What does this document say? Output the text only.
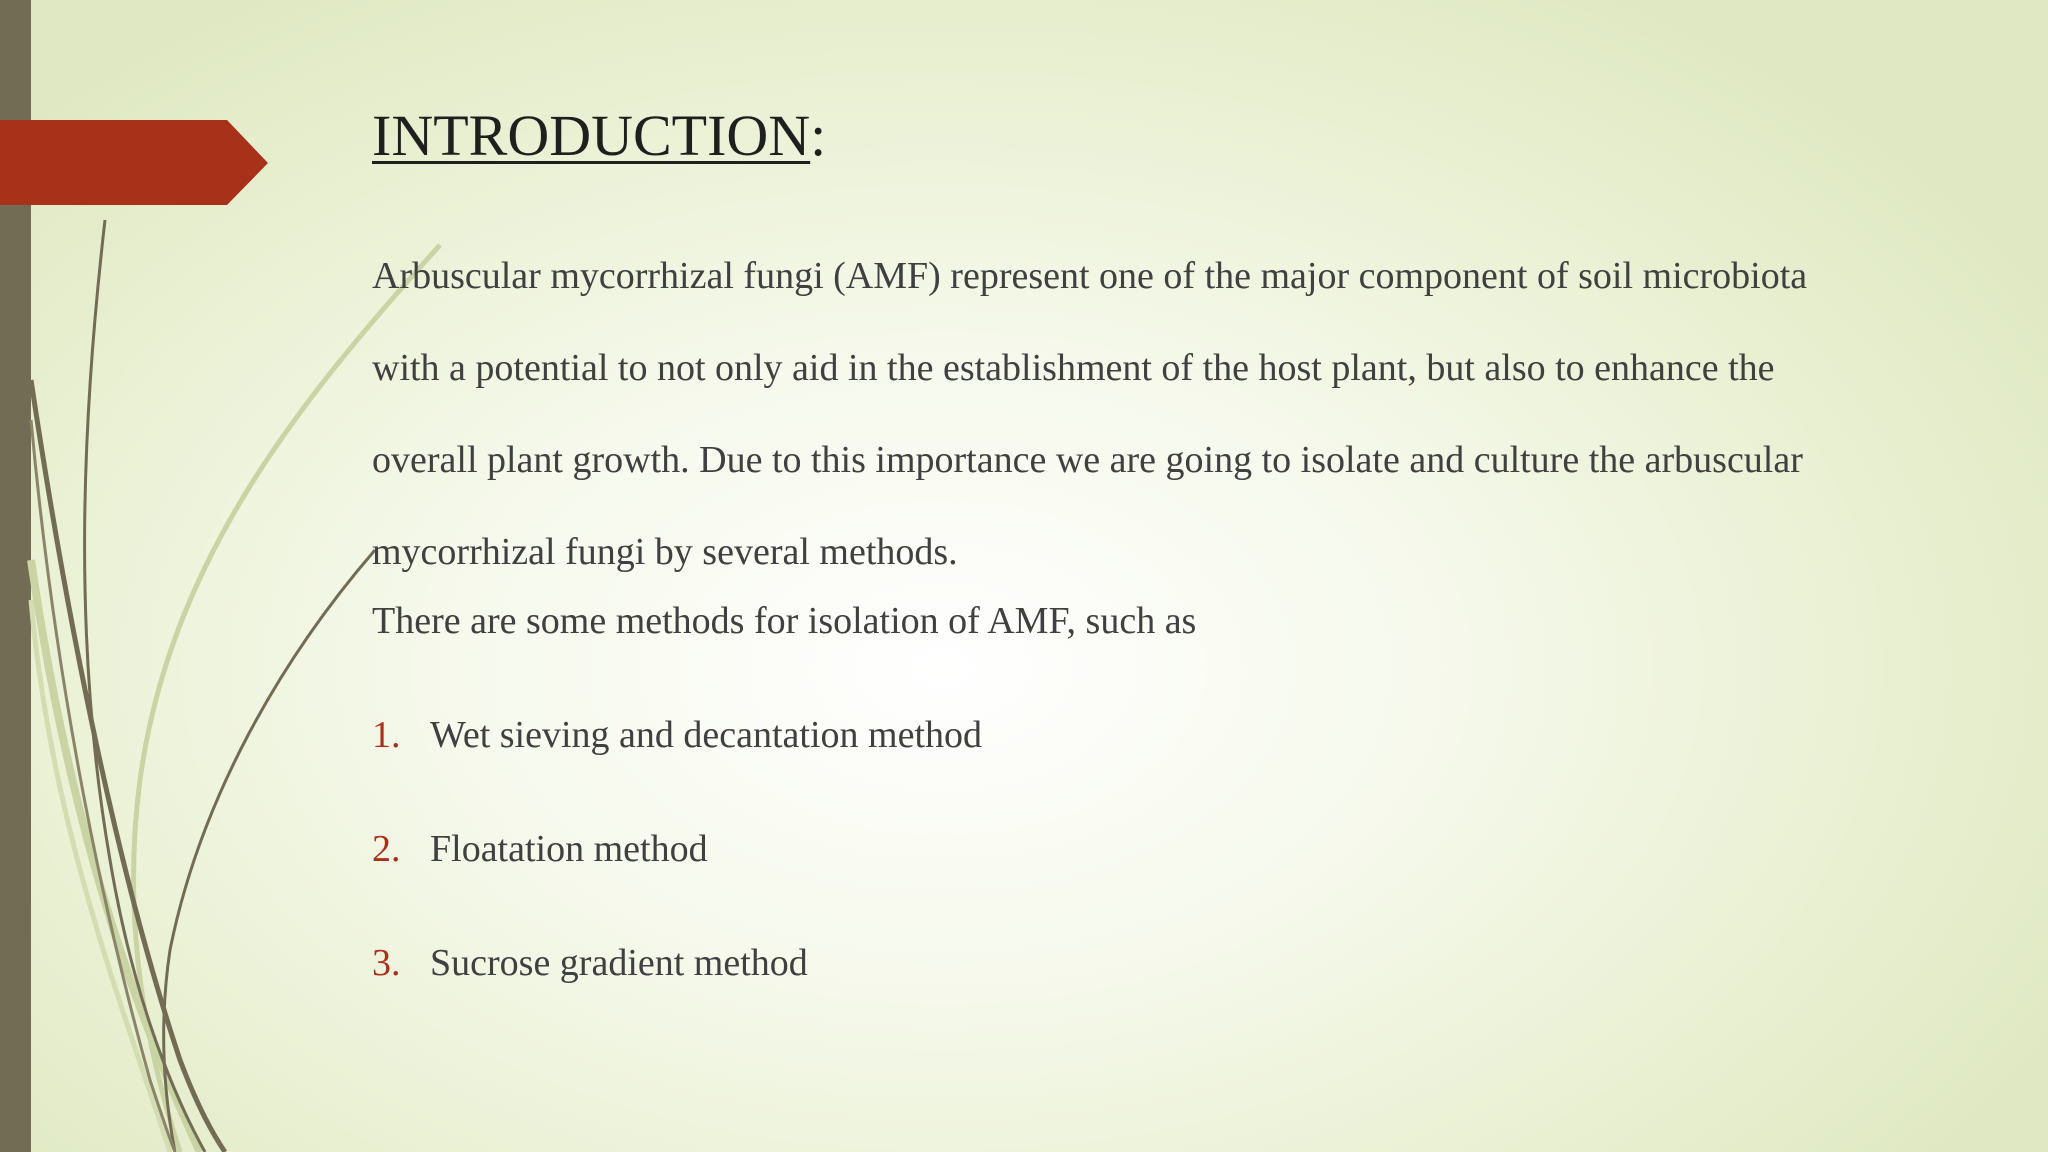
INTRODUCTION:

Arbuscular mycorrhizal fungi (AMF) represent one of the major component of soil microbiota
with a potential to not only aid in the establishment of the host plant, but also to enhance the
overall plant growth. Due to this importance we are going to isolate and culture the arbuscular
mycorrhizal fungi by several methods.

There are some methods for isolation of AMF, such as

1. Wet sieving and decantation method
2. Floatation method
3. Sucrose gradient method
